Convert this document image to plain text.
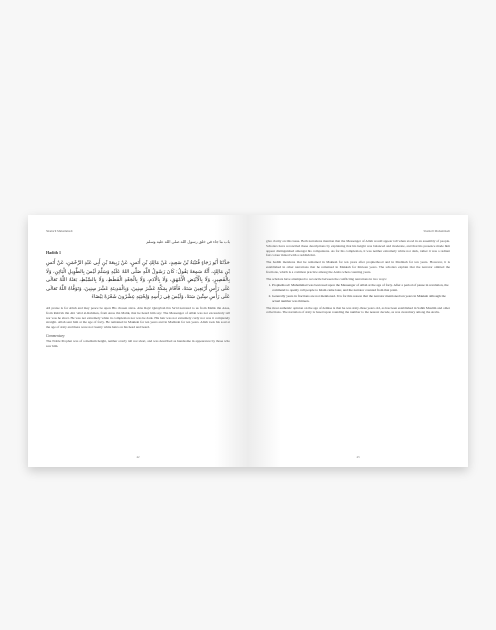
Shama'il Muhammadi
باب ما جاء في خلق رسول الله صلى الله عليه وسلم
Hadith 1
حَدَّثَنَا أَبُو رَجَاءٍ قُتَيْبَةُ بْنُ سَعِيدٍ، عَنْ مَالِكِ بْنِ أَنَسٍ، عَنْ رَبِيعَةَ بْنِ أَبِي عَبْدِ الرَّحْمَنِ، عَنْ أَنَسِ بْنِ مَالِكٍ، أَنَّهُ سَمِعَهُ يَقُولُ: كَانَ رَسُولُ اللَّهِ صَلَّى اللهُ عَلَيْهِ وَسَلَّمَ لَيْسَ بِالطَّوِيلِ الْبَائِنِ، وَلَا بِالْقَصِيرِ، وَلَا بِالْأَبْيَضِ الْأَمْهَقِ، وَلَا بِالْآدَمِ، وَلَا بِالْجَعْدِ الْقَطَطِ، وَلَا بِالسَّبْطِ، بَعَثَهُ اللَّهُ تَعَالَى عَلَى رَأْسِ أَرْبَعِينَ سَنَةً، فَأَقَامَ بِمَكَّةَ عَشْرَ سِنِينَ، وَبِالْمَدِينَةِ عَشْرَ سِنِينَ، وَتَوَفَّاهُ اللَّهُ تَعَالَى عَلَى رَأْسِ سِتِّينَ سَنَةً، وَلَيْسَ فِي رَأْسِهِ وَلِحْيَتِهِ عِشْرُونَ شَعْرَةً بَيْضَاءَ

All praise is for Allah and may peace be upon His chosen slave. Abu Raja' Qutaybah ibn Sa'id narrated to us from Malik ibn Anas, from Rabi'ah ibn Abi 'Abd al-Rahman, from Anas ibn Malik, that he heard him say: The Messenger of Allah was not excessively tall nor was he short. He was not extremely white in complexion nor was he dark. His hair was not extremely curly nor was it completely straight. Allah sent him at the age of forty. He remained in Makkah for ten years and in Madinah for ten years. Allah took his soul at the age of sixty and there were not twenty white hairs on his head and beard.

Commentary
The Noble Prophet was of a medium height, neither overly tall nor short, and was described as handsome in appearance by those who saw him.
42
Shama'il Muhammadi

give clarity on this issue. Both narrations mention that the Messenger of Allah would appear tall when stood in an assembly of people. Scholars have reconciled these descriptions by explaining that his height was balanced and moderate, and that his presence made him appear distinguished amongst his companions. As for his complexion, it was neither extremely white nor dark, rather it was a radiant fair colour mixed with a reddish tint.

The hadith mentions that he remained in Makkah for ten years after prophethood and in Madinah for ten years. However, it is established in other narrations that he remained in Makkah for thirteen years. The scholars explain that the narrator omitted the fractions, which is a common practice among the Arabs when counting years.

The scholars have attempted to reconcile between the conflicting narrations in two ways:

1. Prophethood: Muhammad was bestowed upon the Messenger of Allah at the age of forty. After a period of pause in revelation, the command to openly call people to Islam came later, and the narrator counted from that point.
2. Generally years in fractions are not mentioned. It is for this reason that the narrator mentioned ten years in Makkah although the actual number was thirteen.

The most authentic opinion on the age of demise is that he was sixty-three years old, as has been established in Sahih Muslim and other collections. The narration of sixty is based upon rounding the number to the nearest decade, as was customary among the Arabs.

43
